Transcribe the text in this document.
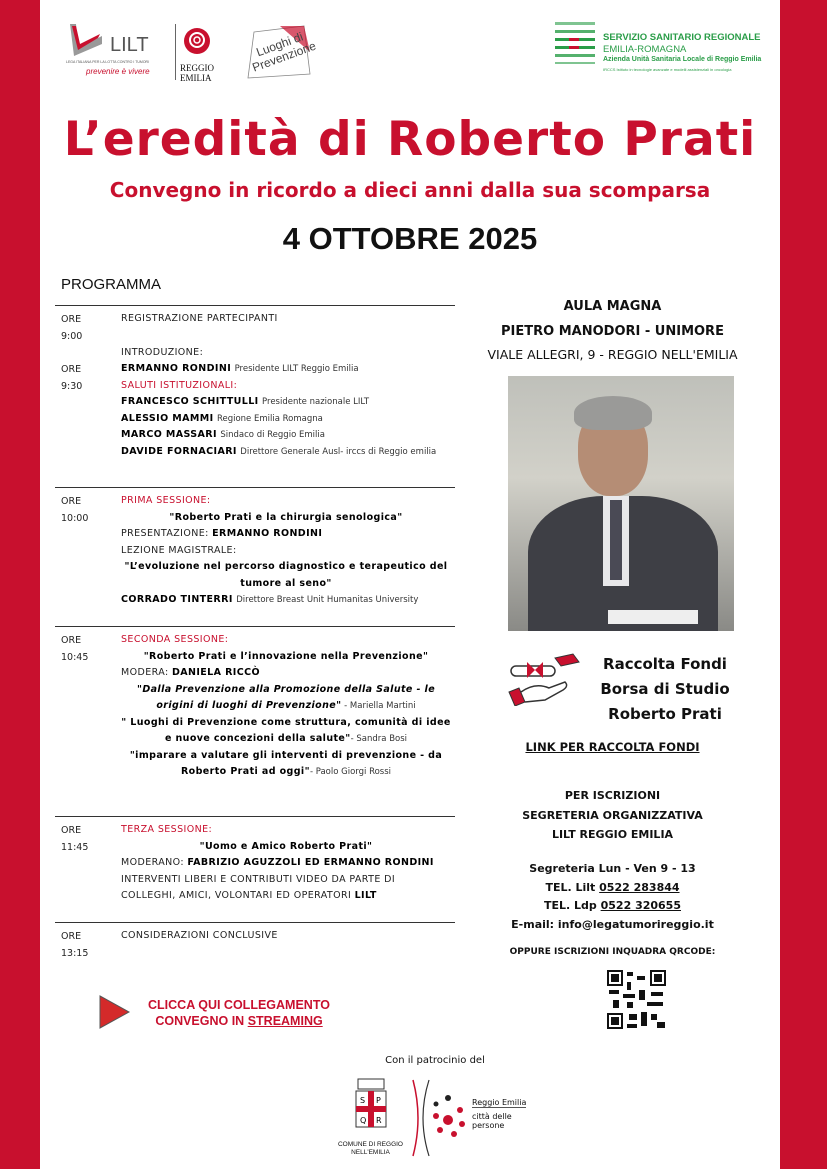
LILT
LEGA ITALIANA PER LA LOTTA CONTRO I TUMORI
prevenire è vivere	REGGIO EMILIA
Luoghi di Prevenzione
SERVIZIO SANITARIO REGIONALE
EMILIA-ROMAGNA
Azienda Unità Sanitaria Locale di Reggio Emilia
IRCCS Istituto in tecnologie avanzate e modelli assistenziali in oncologia
L’eredità di Roberto Prati
Convegno in ricordo a dieci anni dalla sua scomparsa
4 OTTOBRE 2025
PROGRAMMA
ORE
9:00
ORE
9:30
REGISTRAZIONE PARTECIPANTI
INTRODUZIONE:
ERMANNO RONDINI Presidente LILT Reggio Emilia
SALUTI ISTITUZIONALI:
FRANCESCO SCHITTULLI Presidente nazionale LILT
ALESSIO MAMMI Regione Emilia Romagna
MARCO MASSARI Sindaco di Reggio Emilia
DAVIDE FORNACIARI Direttore Generale Ausl- irccs di Reggio emilia
ORE
10:00
PRIMA SESSIONE:
"Roberto Prati e la chirurgia senologica"
PRESENTAZIONE: ERMANNO RONDINI
LEZIONE MAGISTRALE:
"L’evoluzione nel percorso diagnostico e terapeutico del tumore al seno"
CORRADO TINTERRI Direttore Breast Unit Humanitas University
ORE
10:45
SECONDA SESSIONE:
"Roberto Prati e l’innovazione nella Prevenzione"
MODERA: DANIELA RICCÒ
"Dalla Prevenzione alla Promozione della Salute - le origini di luoghi di Prevenzione" - Mariella Martini
" Luoghi di Prevenzione come struttura, comunità di idee e nuove concezioni della salute"- Sandra Bosi
"imparare a valutare gli interventi di prevenzione - da Roberto Prati ad oggi"- Paolo Giorgi Rossi
ORE
11:45
TERZA SESSIONE:
"Uomo e Amico Roberto Prati"
MODERANO: FABRIZIO AGUZZOLI ED ERMANNO RONDINI
INTERVENTI LIBERI E CONTRIBUTI VIDEO DA PARTE DI COLLEGHI, AMICI, VOLONTARI ED OPERATORI LILT
ORE
13:15
CONSIDERAZIONI CONCLUSIVE
CLICCA QUI COLLEGAMENTO
CONVEGNO IN STREAMING
AULA MAGNA
PIETRO MANODORI - UNIMORE
VIALE ALLEGRI, 9 - REGGIO NELL'EMILIA
Raccolta Fondi
Borsa di Studio
Roberto Prati
LINK PER RACCOLTA FONDI
PER ISCRIZIONI
SEGRETERIA ORGANIZZATIVA
LILT REGGIO EMILIA
Segreteria Lun - Ven 9 - 13
TEL. Lilt 0522 283844
TEL. Ldp 0522 320655
E-mail: info@legatumorireggio.it
OPPURE ISCRIZIONI INQUADRA QRCODE:
Con il patrocinio del
S P
Q R
COMUNE DI REGGIO NELL'EMILIA
Reggio Emilia
città delle persone
